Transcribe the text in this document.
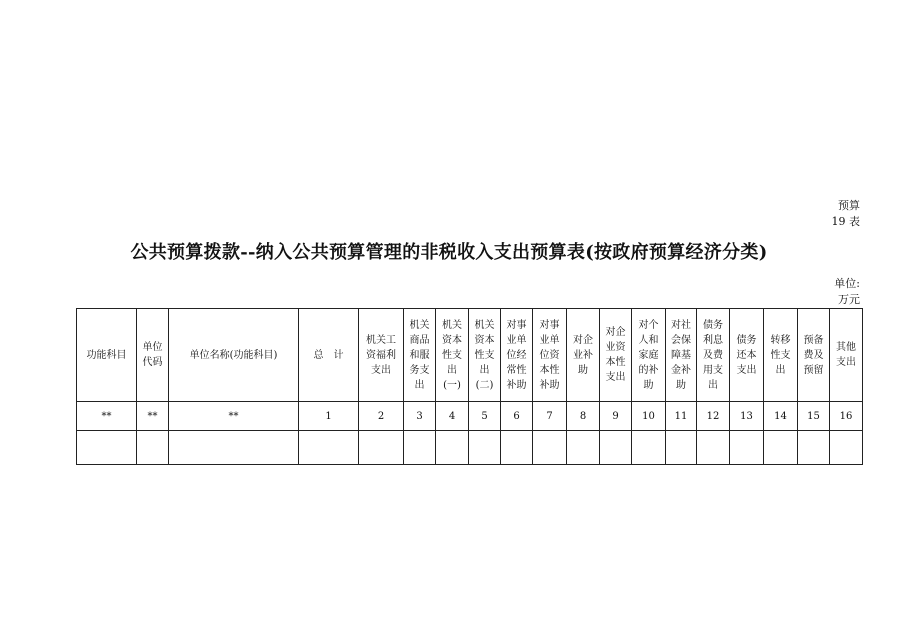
预算
19 表
公共预算拨款--纳入公共预算管理的非税收入支出预算表(按政府预算经济分类)
单位:
万元
功能科目	单位代码	单位名称(功能科目)	总　计	机关工资福利支出	机关商品和服务支出	机关资本性支出(一)	机关资本性支出(二)	对事业单位经常性补助	对事业单位资本性补助	对企业补助	对企业资本性支出	对个人和家庭的补助	对社会保障基金补助	债务利息及费用支出	债务还本支出	转移性支出	预备费及预留	其他支出
**	**	**	1	2	3	4	5	6	7	8	9	10	11	12	13	14	15	16
